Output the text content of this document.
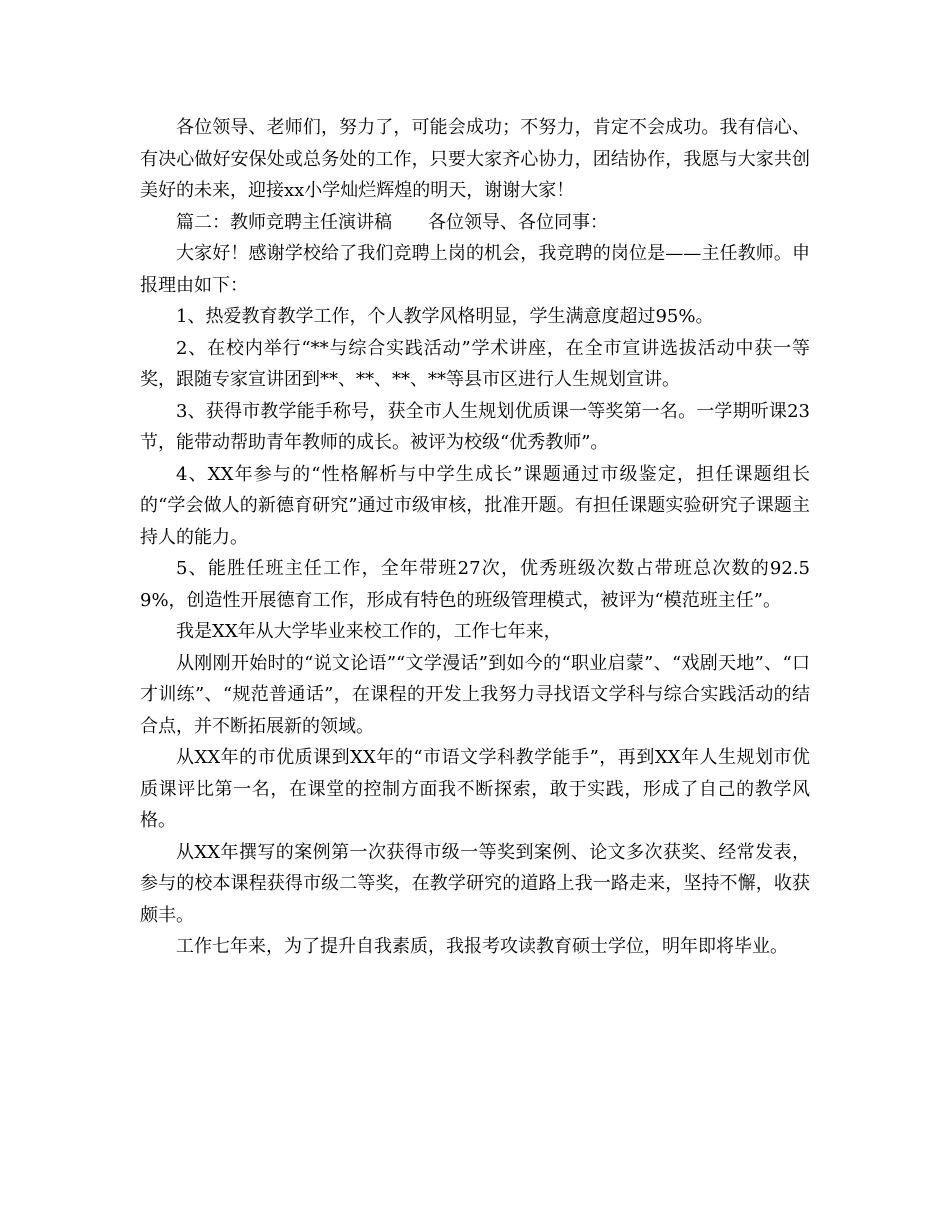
各位领导、老师们，努力了，可能会成功；不努力，肯定不会成功。我有信心、有决心做好安保处或总务处的工作，只要大家齐心协力，团结协作，我愿与大家共创美好的未来，迎接xx小学灿烂辉煌的明天，谢谢大家！

篇二：教师竞聘主任演讲稿　　各位领导、各位同事：

大家好！感谢学校给了我们竞聘上岗的机会，我竞聘的岗位是——主任教师。申报理由如下：

1、热爱教育教学工作，个人教学风格明显，学生满意度超过95%。

2、在校内举行“**与综合实践活动”学术讲座，在全市宣讲选拔活动中获一等奖，跟随专家宣讲团到**、**、**、**等县市区进行人生规划宣讲。

3、获得市教学能手称号，获全市人生规划优质课一等奖第一名。一学期听课23节，能带动帮助青年教师的成长。被评为校级“优秀教师”。

4、XX年参与的“性格解析与中学生成长”课题通过市级鉴定，担任课题组长的“学会做人的新德育研究”通过市级审核，批准开题。有担任课题实验研究子课题主持人的能力。

5、能胜任班主任工作，全年带班27次，优秀班级次数占带班总次数的92.59%，创造性开展德育工作，形成有特色的班级管理模式，被评为“模范班主任”。

我是XX年从大学毕业来校工作的，工作七年来，

从刚刚开始时的“说文论语”“文学漫话”到如今的“职业启蒙”、“戏剧天地”、“口才训练”、“规范普通话”，在课程的开发上我努力寻找语文学科与综合实践活动的结合点，并不断拓展新的领域。

从XX年的市优质课到XX年的“市语文学科教学能手”，再到XX年人生规划市优质课评比第一名，在课堂的控制方面我不断探索，敢于实践，形成了自己的教学风格。

从XX年撰写的案例第一次获得市级一等奖到案例、论文多次获奖、经常发表，参与的校本课程获得市级二等奖，在教学研究的道路上我一路走来，坚持不懈，收获颇丰。

工作七年来，为了提升自我素质，我报考攻读教育硕士学位，明年即将毕业。
